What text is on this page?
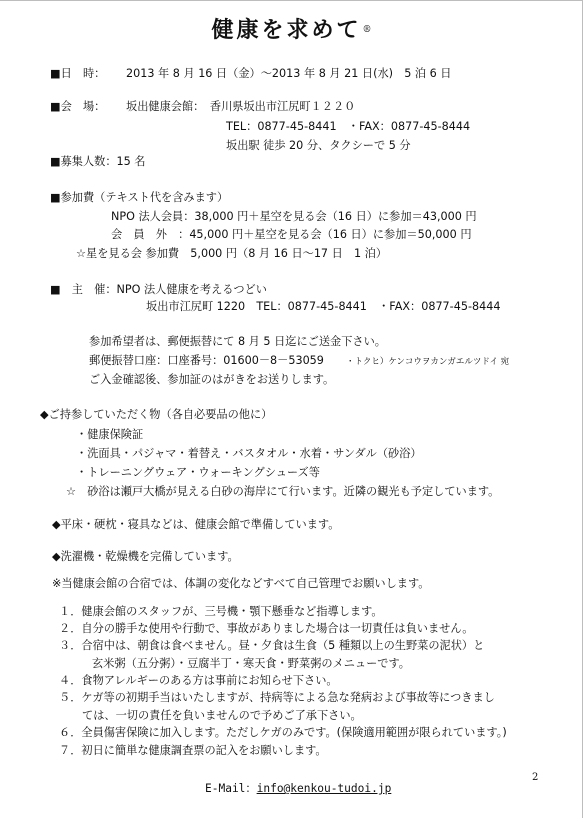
健康を求めて®
■日　時： 2013 年 8 月 16 日（金）～2013 年 8 月 21 日(水)　5 泊 6 日
■会　場： 坂出健康会館：　香川県坂出市江尻町１２２０
TEL：0877-45-8441　・FAX：0877-45-8444
坂出駅 徒歩 20 分、タクシーで 5 分
■募集人数：15 名
■参加費（テキスト代を含みます）
NPO 法人会員：38,000 円＋星空を見る会（16 日）に参加＝43,000 円
会　員　外　：45,000 円＋星空を見る会（16 日）に参加＝50,000 円
☆星を見る会 参加費　5,000 円（8 月 16 日～17 日　1 泊）
■　主　催：NPO 法人健康を考えるつどい
坂出市江尻町 1220　TEL：0877-45-8441　・FAX：0877-45-8444
参加希望者は、郵便振替にて 8 月 5 日迄にご送金下さい。
郵便振替口座：口座番号：01600－8－53059	・トクヒ）ケンコウヲカンガエルツドイ 宛
ご入金確認後、参加証のはがきをお送りします。
◆ご持参していただく物（各自必要品の他に）
・健康保険証
・洗面具・パジャマ・着替え・バスタオル・水着・サンダル（砂浴）
・トレーニングウェア・ウォーキングシューズ等
☆　砂浴は瀬戸大橋が見える白砂の海岸にて行います。近隣の観光も予定しています。
◆平床・硬枕・寝具などは、健康会館で準備しています。
◆洗濯機・乾燥機を完備しています。
※当健康会館の合宿では、体調の変化などすべて自己管理でお願いします。
１．健康会館のスタッフが、三号機・顎下懸垂など指導します。
２．自分の勝手な使用や行動で、事故がありました場合は一切責任は負いません。
３．合宿中は、朝食は食べません。昼・夕食は生食（5 種類以上の生野菜の泥状）と
玄米粥（五分粥）・豆腐半丁・寒天食・野菜粥のメニューです。
４．食物アレルギーのある方は事前にお知らせ下さい。
５．ケガ等の初期手当はいたしますが、持病等による急な発病および事故等につきまし
ては、一切の責任を負いませんので予めご了承下さい。
６．全員傷害保険に加入します。ただしケガのみです。(保険適用範囲が限られています。)
７．初日に簡単な健康調査票の記入をお願いします。
E-Mail：info@kenkou-tudoi.jp
2
